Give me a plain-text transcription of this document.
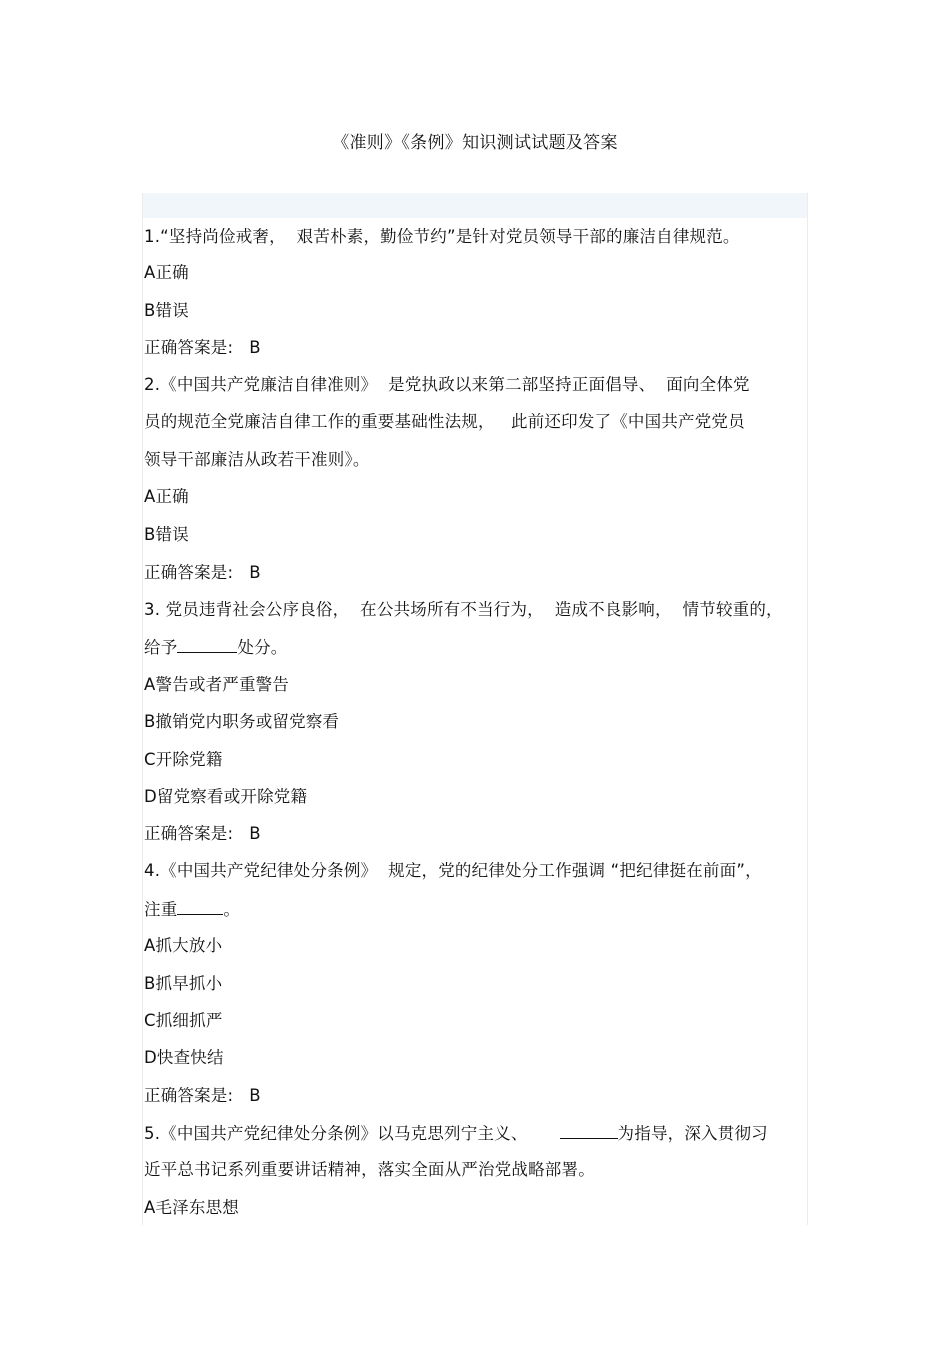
《准则》《条例》知识测试试题及答案
1.“坚持尚俭戒奢，  艰苦朴素，勤俭节约”是针对党员领导干部的廉洁自律规范。
A正确
B错误
正确答案是: B
2.《中国共产党廉洁自律准则》  是党执政以来第二部坚持正面倡导、  面向全体党
员的规范全党廉洁自律工作的重要基础性法规，   此前还印发了《中国共产党党员
领导干部廉洁从政若干准则》。
A正确
B错误
正确答案是: B
3. 党员违背社会公序良俗，  在公共场所有不当行为，  造成不良影响，  情节较重的，
给予	处分。
A警告或者严重警告
B撤销党内职务或留党察看
C开除党籍
D留党察看或开除党籍
正确答案是: B
4.《中国共产党纪律处分条例》  规定，党的纪律处分工作强调 “把纪律挺在前面”，
注重	。
A抓大放小
B抓早抓小
C抓细抓严
D快查快结
正确答案是: B
5.《中国共产党纪律处分条例》以马克思列宁主义、	为指导，深入贯彻习
近平总书记系列重要讲话精神，落实全面从严治党战略部署。
A毛泽东思想
